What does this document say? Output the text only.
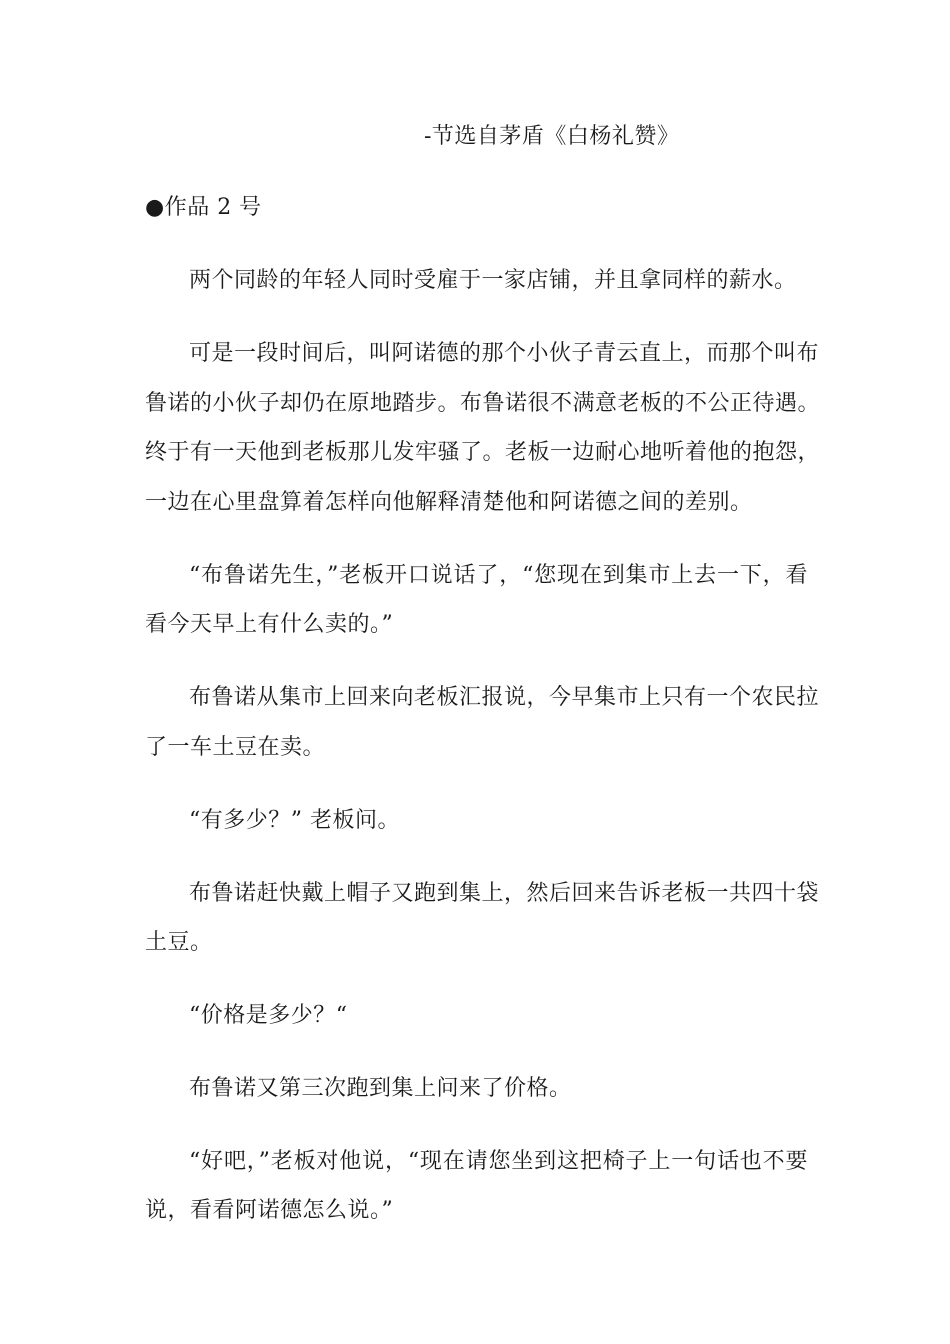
-节选自茅盾《白杨礼赞》
●作品 2 号
两个同龄的年轻人同时受雇于一家店铺，并且拿同样的薪水。
可是一段时间后，叫阿诺德的那个小伙子青云直上，而那个叫布
鲁诺的小伙子却仍在原地踏步。布鲁诺很不满意老板的不公正待遇。
终于有一天他到老板那儿发牢骚了。老板一边耐心地听着他的抱怨，
一边在心里盘算着怎样向他解释清楚他和阿诺德之间的差别。
“布鲁诺先生，”老板开口说话了，“您现在到集市上去一下，看
看今天早上有什么卖的。”
布鲁诺从集市上回来向老板汇报说，今早集市上只有一个农民拉
了一车土豆在卖。
“有多少？” 老板问。
布鲁诺赶快戴上帽子又跑到集上，然后回来告诉老板一共四十袋
土豆。
“价格是多少？“
布鲁诺又第三次跑到集上问来了价格。
“好吧，”老板对他说，“现在请您坐到这把椅子上一句话也不要
说，看看阿诺德怎么说。”
